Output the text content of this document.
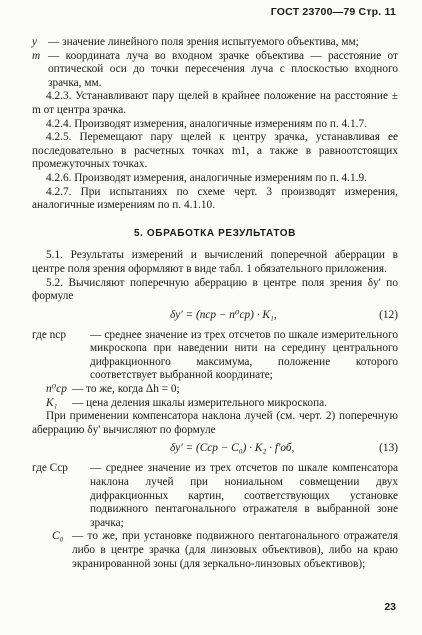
ГОСТ 23700—79 Стр. 11
y — значение линейного поля зрения испытуемого объектива, мм;
m — координата луча во входном зрачке объектива — расстояние от оптической оси до точки пересечения луча с плоскостью входного зрачка, мм.

4.2.3. Устанавливают пару щелей в крайнее положение на расстояние ± m от центра зрачка.

4.2.4. Производят измерения, аналогичные измерениям по п. 4.1.7.

4.2.5. Перемещают пару щелей к центру зрачка, устанавливая ее последовательно в расчетных точках m1, а также в равноотстоящих промежуточных точках.

4.2.6. Производят измерения, аналогичные измерениям по п. 4.1.9.

4.2.7. При испытаниях по схеме черт. 3 производят измерения, аналогичные измерениям по п. 4.1.10.

5. ОБРАБОТКА РЕЗУЛЬТАТОВ

5.1. Результаты измерений и вычислений поперечной аберрации в центре поля зрения оформляют в виде табл. 1 обязательного приложения.

5.2. Вычисляют поперечную аберрацию в центре поля зрения δy' по формуле

δy' = (nср − n⁰ср) · K₁,	(12)
где nср — среднее значение из трех отсчетов по шкале измерительного микроскопа при наведении нити на середину центрального дифракционного максимума, положение которого соответствует выбранной координате;
n⁰ср — то же, когда Δh = 0;
K₁ — цена деления шкалы измерительного микроскопа.

При применении компенсатора наклона лучей (см. черт. 2) поперечную аберрацию δy' вычисляют по формуле

δy' = (Cср − C₀) · K₂ · f'об,	(13)
где Cср — среднее значение из трех отсчетов по шкале компенсатора наклона лучей при нониальном совмещении двух дифракционных картин, соответствующих установке подвижного пентагонального отражателя в выбранной зоне зрачка;
C₀ — то же, при установке подвижного пентагонального отражателя либо в центре зрачка (для линзовых объективов), либо на краю экранированной зоны (для зеркально-линзовых объективов);
23
